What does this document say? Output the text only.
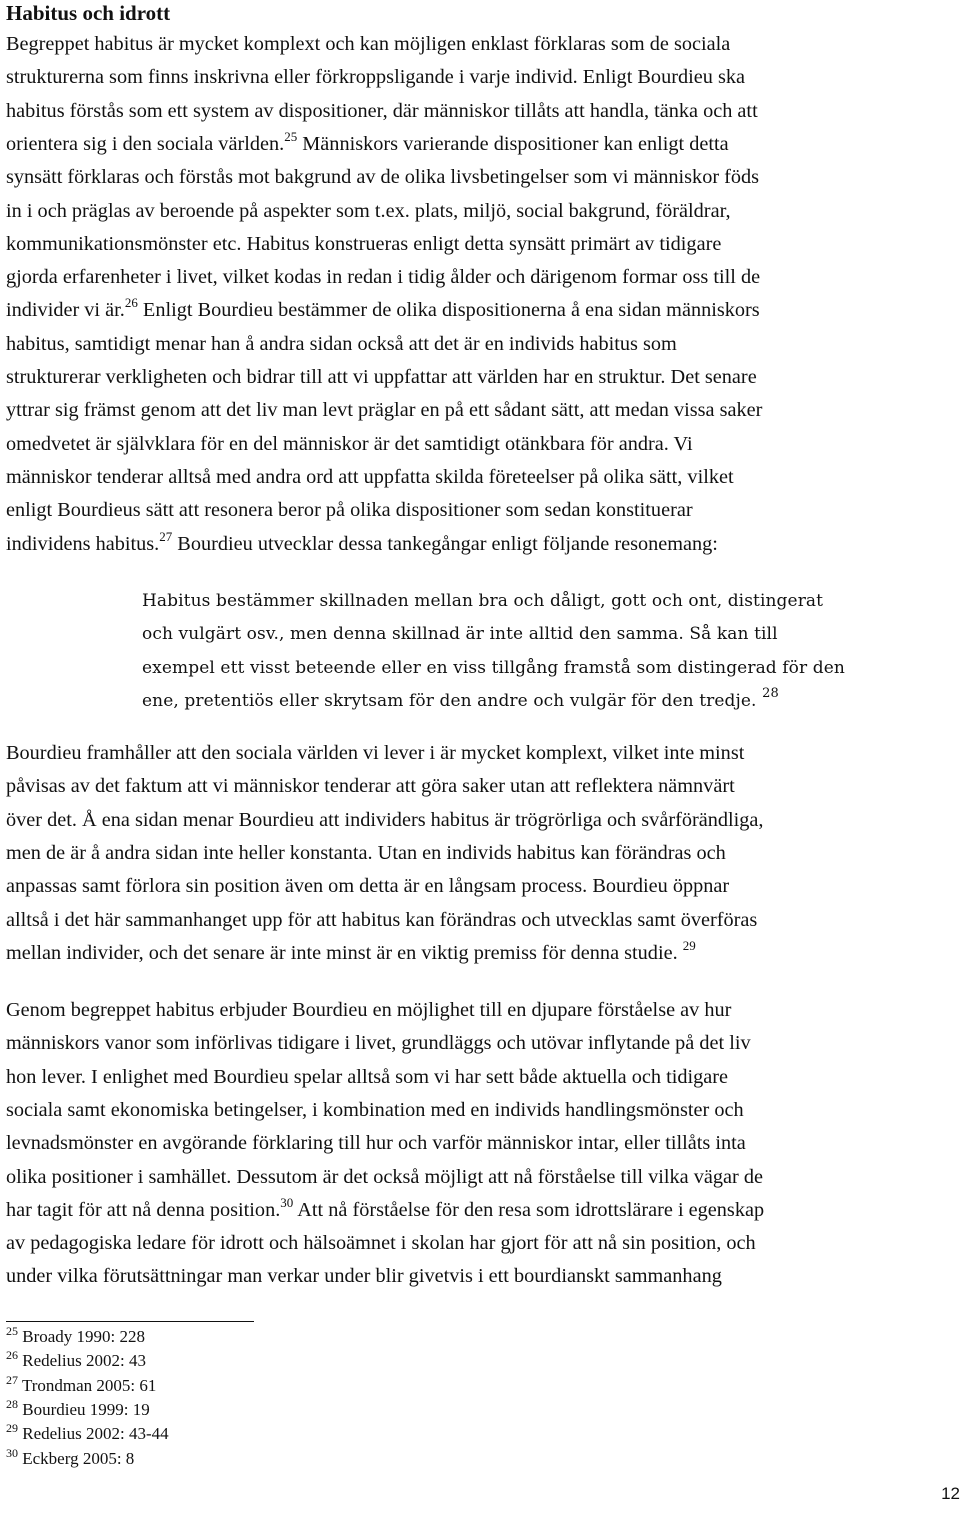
Habitus och idrott
Begreppet habitus är mycket komplext och kan möjligen enklast förklaras som de sociala
strukturerna som finns inskrivna eller förkroppsligande i varje individ. Enligt Bourdieu ska
habitus förstås som ett system av dispositioner, där människor tillåts att handla, tänka och att
orientera sig i den sociala världen.$^{25}$ Människors varierande dispositioner kan enligt detta
synsätt förklaras och förstås mot bakgrund av de olika livsbetingelser som vi människor föds
in i och präglas av beroende på aspekter som t.ex. plats, miljö, social bakgrund, föräldrar,
kommunikationsmönster etc. Habitus konstrueras enligt detta synsätt primärt av tidigare
gjorda erfarenheter i livet, vilket kodas in redan i tidig ålder och därigenom formar oss till de
individer vi är.$^{26}$ Enligt Bourdieu bestämmer de olika dispositionerna å ena sidan människors
habitus, samtidigt menar han å andra sidan också att det är en individs habitus som
strukturerar verkligheten och bidrar till att vi uppfattar att världen har en struktur. Det senare
yttrar sig främst genom att det liv man levt präglar en på ett sådant sätt, att medan vissa saker
omedvetet är självklara för en del människor är det samtidigt otänkbara för andra. Vi
människor tenderar alltså med andra ord att uppfatta skilda företeelser på olika sätt, vilket
enligt Bourdieus sätt att resonera beror på olika dispositioner som sedan konstituerar
individens habitus.$^{27}$ Bourdieu utvecklar dessa tankegångar enligt följande resonemang:
Habitus bestämmer skillnaden mellan bra och dåligt, gott och ont, distingerat
och vulgärt osv., men denna skillnad är inte alltid den samma. Så kan till
exempel ett visst beteende eller en viss tillgång framstå som distingerad för den
ene, pretentiös eller skrytsam för den andre och vulgär för den tredje. $^{28}$
Bourdieu framhåller att den sociala världen vi lever i är mycket komplext, vilket inte minst
påvisas av det faktum att vi människor tenderar att göra saker utan att reflektera nämnvärt
över det. Å ena sidan menar Bourdieu att individers habitus är trögrörliga och svårförändliga,
men de är å andra sidan inte heller konstanta. Utan en individs habitus kan förändras och
anpassas samt förlora sin position även om detta är en långsam process. Bourdieu öppnar
alltså i det här sammanhanget upp för att habitus kan förändras och utvecklas samt överföras
mellan individer, och det senare är inte minst är en viktig premiss för denna studie. $^{29}$
Genom begreppet habitus erbjuder Bourdieu en möjlighet till en djupare förståelse av hur
människors vanor som införlivas tidigare i livet, grundläggs och utövar inflytande på det liv
hon lever. I enlighet med Bourdieu spelar alltså som vi har sett både aktuella och tidigare
sociala samt ekonomiska betingelser, i kombination med en individs handlingsmönster och
levnadsmönster en avgörande förklaring till hur och varför människor intar, eller tillåts inta
olika positioner i samhället. Dessutom är det också möjligt att nå förståelse till vilka vägar de
har tagit för att nå denna position.$^{30}$ Att nå förståelse för den resa som idrottslärare i egenskap
av pedagogiska ledare för idrott och hälsoämnet i skolan har gjort för att nå sin position, och
under vilka förutsättningar man verkar under blir givetvis i ett bourdianskt sammanhang
$^{25}$ Broady 1990: 228
$^{26}$ Redelius 2002: 43
$^{27}$ Trondman 2005: 61
$^{28}$ Bourdieu 1999: 19
$^{29}$ Redelius 2002: 43-44
$^{30}$ Eckberg 2005: 8
12
